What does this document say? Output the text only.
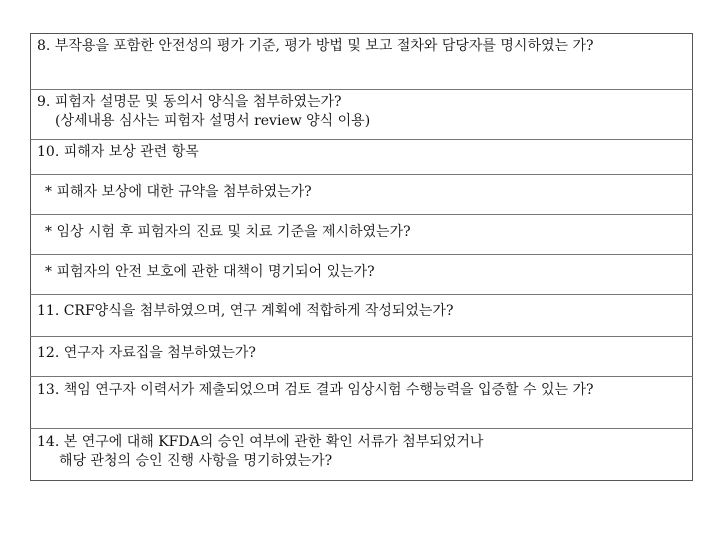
8. 부작용을 포함한 안전성의 평가 기준, 평가 방법 및 보고 절차와 담당자를 명시하였는 가?

9. 피험자 설명문 및 동의서 양식을 첨부하였는가?
(상세내용 심사는 피험자 설명서 review 양식 이용)

10. 피해자 보상 관련 항목

* 피해자 보상에 대한 규약을 첨부하였는가?

* 임상 시험 후 피험자의 진료 및 치료 기준을 제시하였는가?

* 피험자의 안전 보호에 관한 대책이 명기되어 있는가?

11. CRF양식을 첨부하였으며, 연구 계획에 적합하게 작성되었는가?

12. 연구자 자료집을 첨부하였는가?

13. 책임 연구자 이력서가 제출되었으며 검토 결과 임상시험 수행능력을 입증할 수 있는 가?

14. 본 연구에 대해 KFDA의 승인 여부에 관한 확인 서류가 첨부되었거나
해당 관청의 승인 진행 사항을 명기하였는가?
